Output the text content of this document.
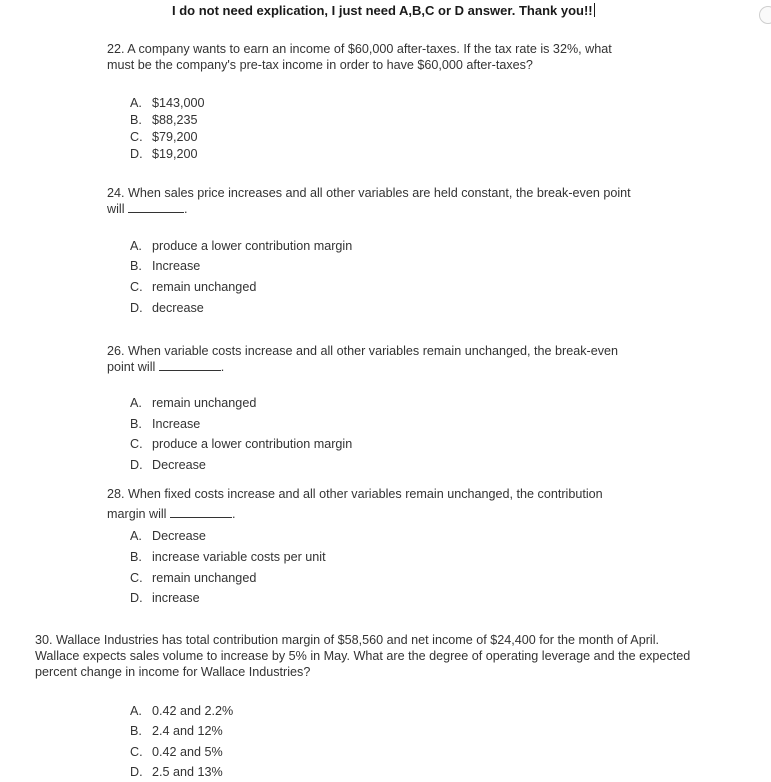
I do not need explication, I just need A,B,C or D answer. Thank you!!

22. A company wants to earn an income of $60,000 after-taxes. If the tax rate is 32%, what

must be the company's pre-tax income in order to have $60,000 after-taxes?

A. $143,000
B. $88,235
C. $79,200
D. $19,200

24. When sales price increases and all other variables are held constant, the break-even point

will	.

A. produce a lower contribution margin
B. Increase
C. remain unchanged
D. decrease

26. When variable costs increase and all other variables remain unchanged, the break-even

point will	.

A. remain unchanged
B. Increase
C. produce a lower contribution margin
D. Decrease

28. When fixed costs increase and all other variables remain unchanged, the contribution

margin will	.

A. Decrease
B. increase variable costs per unit
C. remain unchanged
D. increase

30. Wallace Industries has total contribution margin of $58,560 and net income of $24,400 for the month of April.

Wallace expects sales volume to increase by 5% in May. What are the degree of operating leverage and the expected

percent change in income for Wallace Industries?

A. 0.42 and 2.2%
B. 2.4 and 12%
C. 0.42 and 5%
D. 2.5 and 13%
